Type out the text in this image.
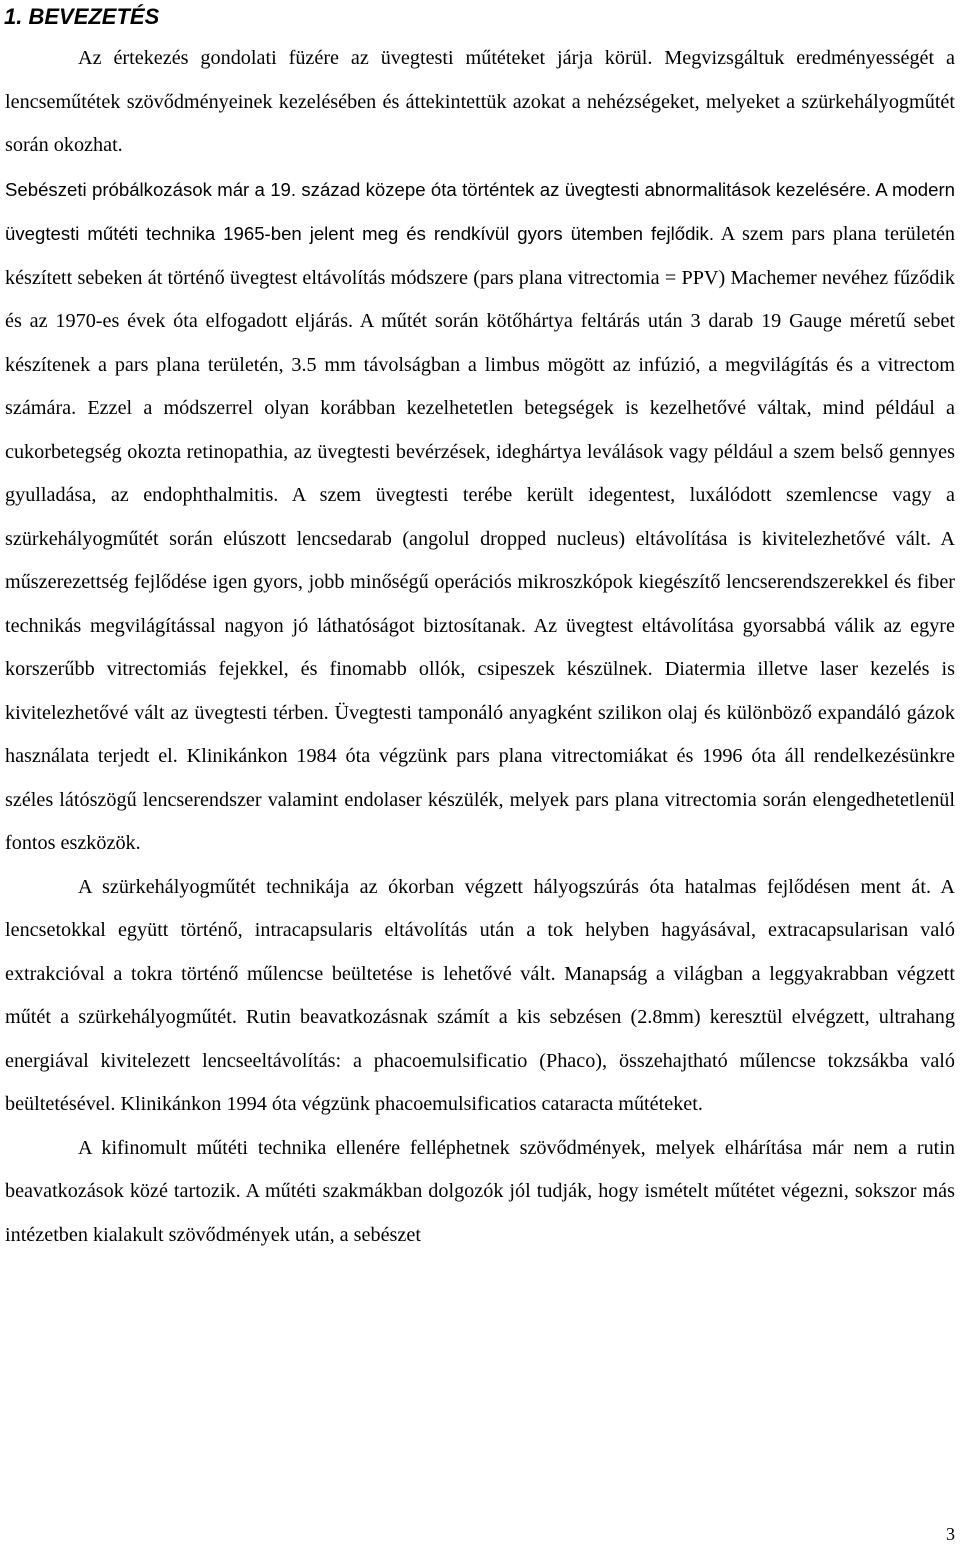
1. BEVEZETÉS

Az értekezés gondolati füzére az üvegtesti műtéteket járja körül. Megvizsgáltuk eredményességét a lencseműtétek szövődményeinek kezelésében és áttekintettük azokat a nehézségeket, melyeket a szürkehályogműtét során okozhat.
Sebészeti próbálkozások már a 19. század közepe óta történtek az üvegtesti abnormalitások kezelésére. A modern üvegtesti műtéti technika 1965-ben jelent meg és rendkívül gyors ütemben fejlődik. A szem pars plana területén készített sebeken át történő üvegtest eltávolítás módszere (pars plana vitrectomia = PPV) Machemer nevéhez fűződik és az 1970-es évek óta elfogadott eljárás. A műtét során kötőhártya feltárás után 3 darab 19 Gauge méretű sebet készítenek a pars plana területén, 3.5 mm távolságban a limbus mögött az infúzió, a megvilágítás és a vitrectom számára. Ezzel a módszerrel olyan korábban kezelhetetlen betegségek is kezelhetővé váltak, mind például a cukorbetegség okozta retinopathia, az üvegtesti bevérzések, ideghártya leválások vagy például a szem belső gennyes gyulladása, az endophthalmitis. A szem üvegtesti terébe került idegentest, luxálódott szemlencse vagy a szürkehályogműtét során elúszott lencsedarab (angolul dropped nucleus) eltávolítása is kivitelezhetővé vált. A műszerezettség fejlődése igen gyors, jobb minőségű operációs mikroszkópok kiegészítő lencserendszerekkel és fiber technikás megvilágítással nagyon jó láthatóságot biztosítanak. Az üvegtest eltávolítása gyorsabbá válik az egyre korszerűbb vitrectomiás fejekkel, és finomabb ollók, csipeszek készülnek. Diatermia illetve laser kezelés is kivitelezhetővé vált az üvegtesti térben. Üvegtesti tamponáló anyagként szilikon olaj és különböző expandáló gázok használata terjedt el. Klinikánkon 1984 óta végzünk pars plana vitrectomiákat és 1996 óta áll rendelkezésünkre széles látószögű lencserendszer valamint endolaser készülék, melyek pars plana vitrectomia során elengedhetetlenül fontos eszközök.

A szürkehályogműtét technikája az ókorban végzett hályogszúrás óta hatalmas fejlődésen ment át. A lencsetokkal együtt történő, intracapsularis eltávolítás után a tok helyben hagyásával, extracapsularisan való extrakcióval a tokra történő műlencse beültetése is lehetővé vált. Manapság a világban a leggyakrabban végzett műtét a szürkehályogműtét. Rutin beavatkozásnak számít a kis sebzésen (2.8mm) keresztül elvégzett, ultrahang energiával kivitelezett lencseeltávolítás: a phacoemulsificatio (Phaco), összehajtható műlencse tokzsákba való beültetésével. Klinikánkon 1994 óta végzünk phacoemulsificatios cataracta műtéteket.

A kifinomult műtéti technika ellenére felléphetnek szövődmények, melyek elhárítása már nem a rutin beavatkozások közé tartozik. A műtéti szakmákban dolgozók jól tudják, hogy ismételt műtétet végezni, sokszor más intézetben kialakult szövődmények után, a sebészet

3
